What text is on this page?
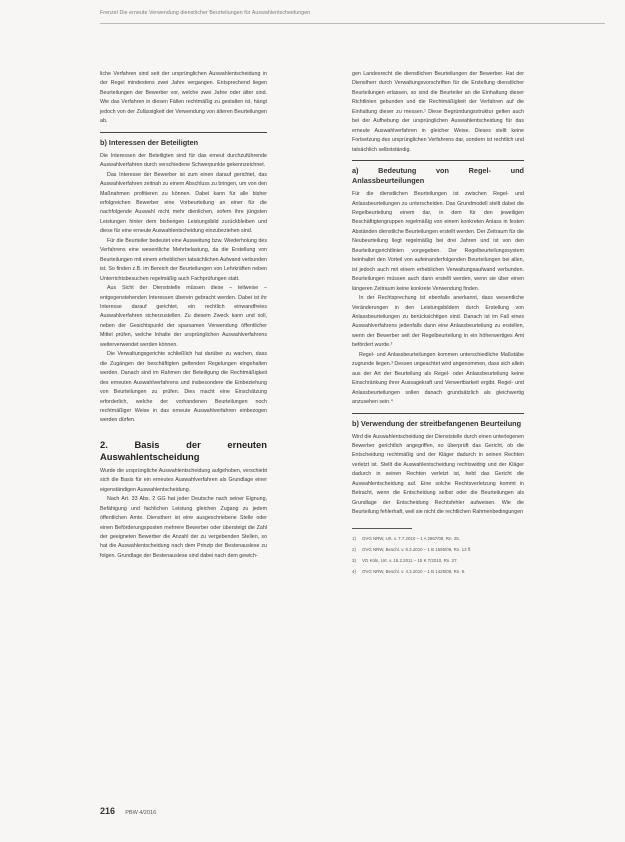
Frenzel Die erneute Verwendung dienstlicher Beurteilungen für Auswahlentscheidungen

liche Verfahren sind seit der ursprünglichen Auswahlentscheidung in der Regel mindestens zwei Jahre vergangen. Entsprechend liegen Beurteilungen der Bewerber vor, welche zwei Jahre oder älter sind. Wie das Verfahren in diesen Fällen rechtmäßig zu gestalten ist, hängt jedoch von der Zulässigkeit der Verwendung von älteren Beurteilungen ab.

b) Interessen der Beteiligten

Die Interessen der Beteiligten sind für das erneut durchzuführende Auswahlverfahren durch verschiedene Schwerpunkte gekennzeichnet.

Das Interesse der Bewerber ist zum einen darauf gerichtet, das Auswahlverfahren zeitnah zu einem Abschluss zu bringen, um von den Maßnahmen profitieren zu können. Dabei kann für alle bisher erfolgreichen Bewerber eine Vorbeurteilung an einer für die nachfolgende Auswahl nicht mehr dienlichen, sofern ihre jüngsten Leistungen hinter dem bisherigen Leistungsbild zurückbleiben und diese für eine erneute Auswahlentscheidung einzubeziehen sind.

Für die Beurteiler bedeutet eine Ausweitung bzw. Wiederholung des Verfahrens eine wesentliche Mehrbelastung, da die Erstellung von Beurteilungen mit einem erheblichen tatsächlichen Aufwand verbunden ist. So finden z.B. im Bereich der Beurteilungen von Lehrkräften neben Unterrichtsbesuchen regelmäßig auch Fachprüfungen statt.

Aus Sicht der Dienststelle müssen diese – teilweise – entgegenstehenden Interessen überein gebracht werden. Dabei ist ihr Interesse darauf gerichtet, ein rechtlich einwandfreies Auswahlverfahren sicherzustellen. Zu diesem Zweck kann und soll, neben der Gesichtspunkt der sparsamen Verwendung öffentlicher Mittel prüfen, welche Inhalte der ursprünglichen Auswahlverfahrens weiterverwendet werden können.

Die Verwaltungsgerichte schließlich hat darüber zu wachen, dass die Zugängen der beschäftigten geltenden Regelungen eingehalten werden. Danach sind im Rahmen der Beteiligung die Rechtmäßigkeit des erneuten Auswahlverfahrens und insbesondere die Einbeziehung von Beurteilungen zu prüfen. Dies macht eine Einschätzung erforderlich, welche der vorhandenen Beurteilungen noch rechtmäßiger Weise in das erneute Auswahlverfahren einbezogen werden dürfen.

2. Basis der erneuten Auswahlentscheidung

Wurde die ursprüngliche Auswahlentscheidung aufgehoben, verschiebt sich die Basis für ein erneutes Auswahlverfahren als Grundlage einer eigenständigen Auswahlentscheidung.

Nach Art. 33 Abs. 2 GG hat jeder Deutsche nach seiner Eignung, Befähigung und fachlichen Leistung gleichen Zugang zu jedem öffentlichen Amte. Dienstherr ist eine ausgeschriebene Stelle oder einen Beförderungsposten mehrere Bewerber oder übersteigt die Zahl der geeigneten Bewerber die Anzahl der zu vergebenden Stellen, so hat die Auswahlentscheidung nach dem Prinzip der Bestenauslese zu folgen. Grundlage der Bestenauslese sind dabei nach dem gewich-

gen Landesrecht die dienstlichen Beurteilungen der Bewerber. Hat der Dienstherr durch Verwaltungsvorschriften für die Erstellung dienstlicher Beurteilungen erlassen, so sind die Beurteiler an die Einhaltung dieser Richtlinien gebunden und die Rechtmäßigkeit der Verfahren auf die Einhaltung dieser zu messen.¹ Diese Begründungsstruktur gelten auch bei der Aufhebung der ursprünglichen Auswahlentscheidung für das erneute Auswahlverfahren in gleicher Weise. Dieses stellt keine Fortsetzung des ursprünglichen Verfahrens dar, sondern ist rechtlich und tatsächlich selbstständig.

a) Bedeutung von Regel- und Anlassbeurteilungen

Für die dienstlichen Beurteilungen ist zwischen Regel- und Anlassbeurteilungen zu unterscheiden. Das Grundmodell stellt dabei die Regelbeurteilung einem dar, in dem für den jeweiligen Beschäftigtengruppen regelmäßig von einem konkreten Anlass in festen Abständen dienstliche Beurteilungen erstellt werden. Der Zeitraum für die Neubeurteilung liegt regelmäßig bei drei Jahren und ist von den Beurteilungsrichtlinien vorgegeben. Der Regelbeurteilungssystem beinhaltet den Vorteil von aufeinanderfolgenden Beurteilungen bei allen, ist jedoch auch mit einem erheblichen Verwaltungsaufwand verbunden. Beurteilungen müssen auch dann erstellt werden, wenn sie über einen längeren Zeitraum keine konkrete Verwendung finden.

In der Rechtsprechung ist ebenfalls anerkannt, dass wesentliche Veränderungen in den Leistungsbildern durch Erstellung von Anlassbeurteilungen zu berücksichtigen sind. Danach ist im Fall eines Auswahlverfahrens jedenfalls dann eine Anlassbeurteilung zu erstellen, wenn der Bewerber seit der Regelbeurteilung in ein höherwertiges Amt befördert wurde.²

Regel- und Anlassbeurteilungen kommen unterschiedliche Maßstäbe zugrunde liegen.³ Dessen ungeachtet wird angenommen, dass sich allein aus der Art der Beurteilung als Regel- oder Anlassbeurteilung keine Einschränkung ihrer Aussagekraft und Verwertbarkeit ergibt. Regel- und Anlassbeurteilungen sollen danach grundsätzlich als gleichwertig anzusehen sein.⁴

b) Verwendung der streitbefangenen Beurteilung

Wird die Auswahlentscheidung der Dienststelle durch einen unterlegenen Bewerber gerichtlich angegriffen, so überprüft das Gericht, ob die Entscheidung rechtmäßig und der Kläger dadurch in seinen Rechten verletzt ist. Stellt die Auswahlentscheidung rechtswidrig und der Kläger dadurch in seinen Rechten verletzt ist, hebt das Gericht die Auswahlentscheidung auf. Eine solche Rechtsverletzung kommt in Betracht, wenn die Entscheidung selbst oder die Beurteilungen als Grundlage der Entscheidung Rechtsfehler aufweisen. Wie die Beurteilung fehlerhaft, weil sie nicht die rechtlichen Rahmenbedingungen

1)	OVG NRW, Urt. v. 7.7.2010 – 1 A 2967/08, Rn. 25.
2)	OVG NRW, Beschl. v. 8.3.2010 – 1 B 1595/09, Rn. 13 ff.
3)	VG Köln, Urt. v. 16.2.2011 – 15 K 7/2010, Rn. 27.
4)	OVG NRW, Beschl. v. 4.3.2010 – 1 B 1425/09, Rn. 9.
216 PBW 4/2016
